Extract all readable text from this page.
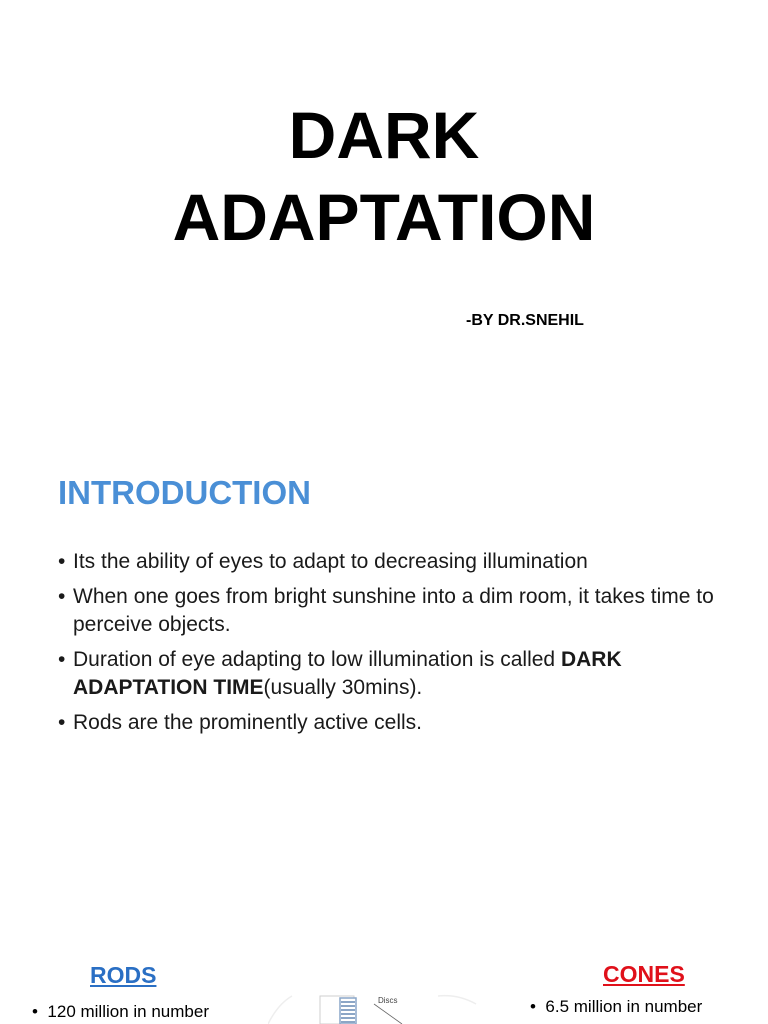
DARK
ADAPTATION
-BY DR.SNEHIL
INTRODUCTION
• Its the ability of eyes to adapt to decreasing illumination
• When one goes from bright sunshine into a dim room, it takes time to perceive objects.
• Duration of eye adapting to low illumination is called DARK ADAPTATION TIME(usually 30mins).
• Rods are the prominently active cells.
RODS
•  120 million in number
Discs
CONES
•  6.5 million in number
